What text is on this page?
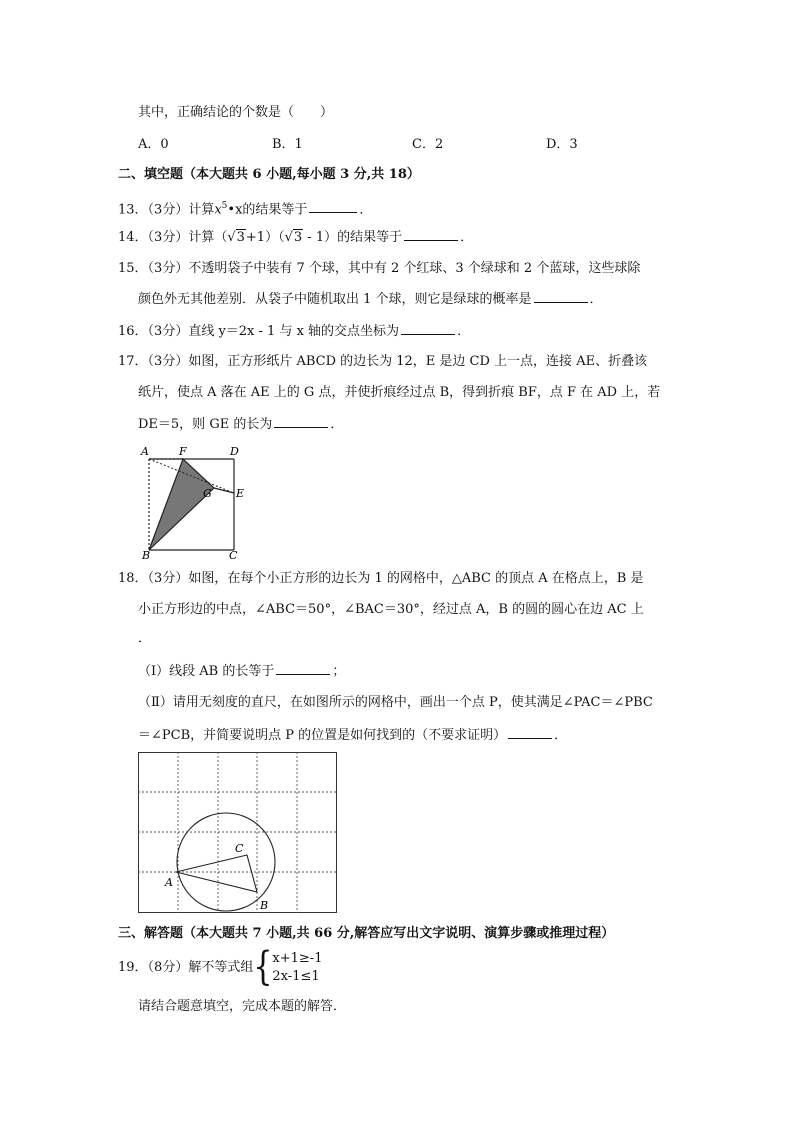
其中，正确结论的个数是（　　）
A．0	B．1	C．2	D．3
二、填空题（本大题共 6 小题,每小题 3 分,共 18）
13．（3分）计算$x^5•x$的结果等于	．
14．（3分）计算（√3+1）（√3 - 1）的结果等于	．
15．（3分）不透明袋子中装有 7 个球，其中有 2 个红球、3 个绿球和 2 个蓝球，这些球除
颜色外无其他差别．从袋子中随机取出 1 个球，则它是绿球的概率是	．
16．（3分）直线 y＝2x - 1 与 x 轴的交点坐标为	．
17．（3分）如图，正方形纸片 ABCD 的边长为 12，E 是边 CD 上一点，连接 AE、折叠该
纸片，使点 A 落在 AE 上的 G 点，并使折痕经过点 B，得到折痕 BF，点 F 在 AD 上，若
DE＝5，则 GE 的长为	．
A	F	D
G E
B	C
18．（3分）如图，在每个小正方形的边长为 1 的网格中，△ABC 的顶点 A 在格点上，B 是
小正方形边的中点，∠ABC＝50°，∠BAC＝30°，经过点 A，B 的圆的圆心在边 AC 上
．
（Ⅰ）线段 AB 的长等于	；
（Ⅱ）请用无刻度的直尺，在如图所示的网格中，画出一个点 P，使其满足∠PAC＝∠PBC
＝∠PCB，并简要说明点 P 的位置是如何找到的（不要求证明）	．
A
B
C
三、解答题（本大题共 7 小题,共 66 分,解答应写出文字说明、演算步骤或推理过程）
19．（8分）解不等式组{ x+1≥-1
2x-1≤1
请结合题意填空，完成本题的解答．
